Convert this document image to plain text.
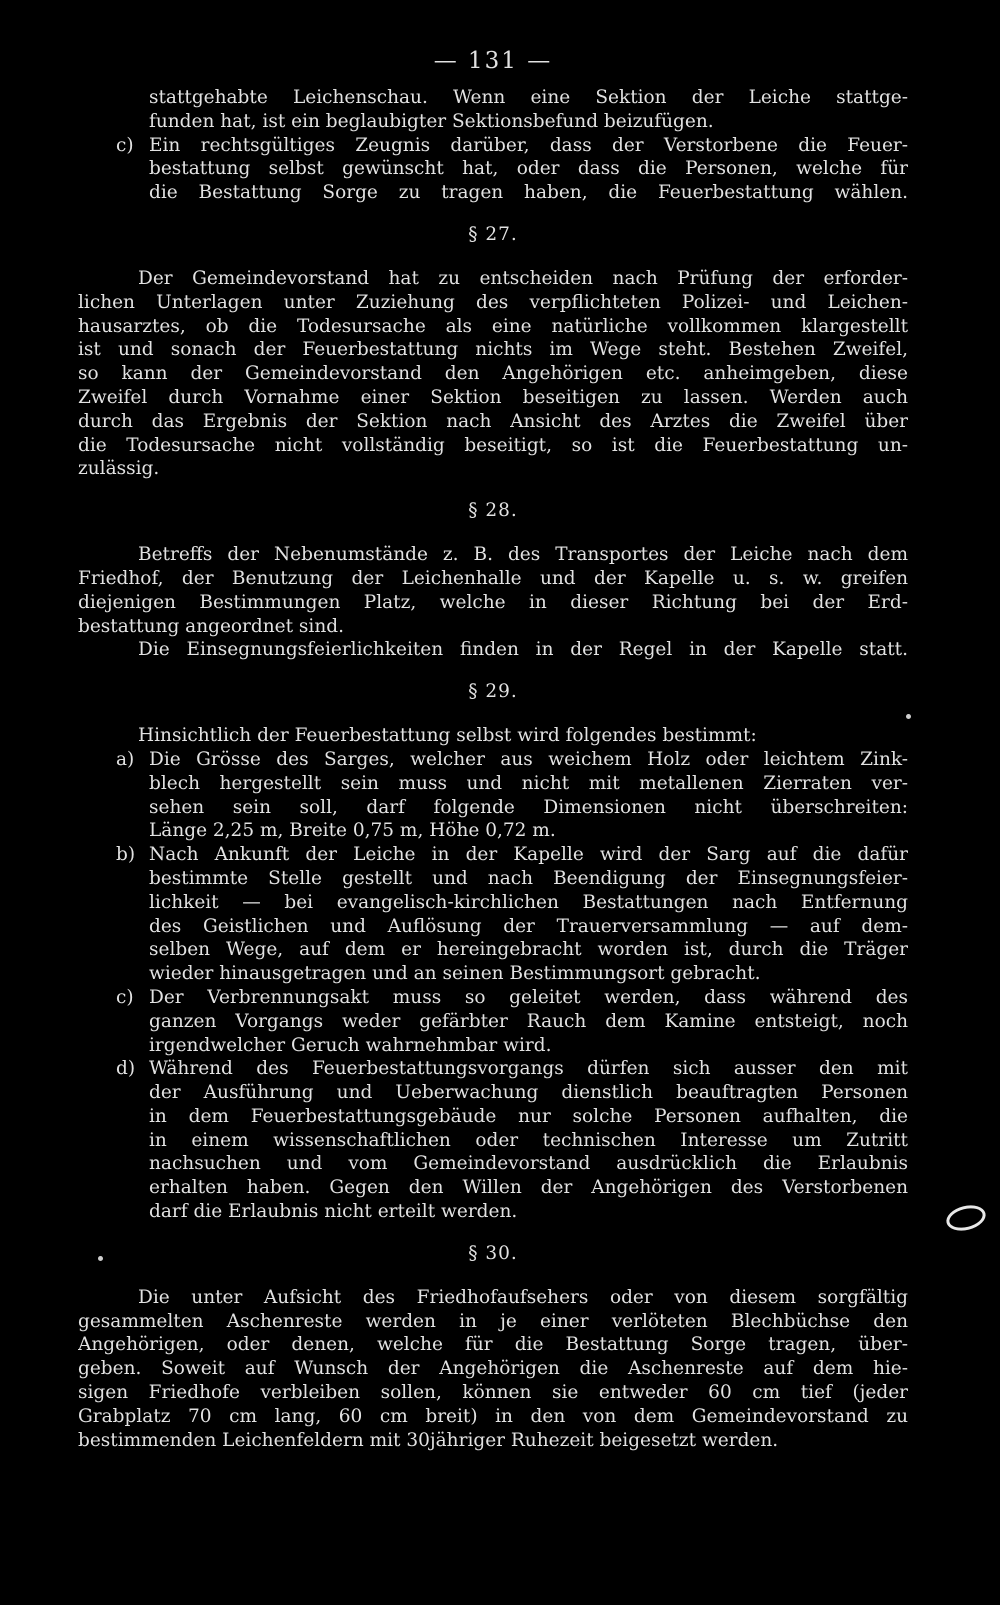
— 131 —
stattgehabte Leichenschau. Wenn eine Sektion der Leiche stattge-
funden hat, ist ein beglaubigter Sektionsbefund beizufügen.
c) Ein rechtsgültiges Zeugnis darüber, dass der Verstorbene die Feuer-
bestattung selbst gewünscht hat, oder dass die Personen, welche für
die Bestattung Sorge zu tragen haben, die Feuerbestattung wählen.
§ 27.
Der Gemeindevorstand hat zu entscheiden nach Prüfung der erforder-
lichen Unterlagen unter Zuziehung des verpflichteten Polizei- und Leichen-
hausarztes, ob die Todesursache als eine natürliche vollkommen klargestellt
ist und sonach der Feuerbestattung nichts im Wege steht. Bestehen Zweifel,
so kann der Gemeindevorstand den Angehörigen etc. anheimgeben, diese
Zweifel durch Vornahme einer Sektion beseitigen zu lassen. Werden auch
durch das Ergebnis der Sektion nach Ansicht des Arztes die Zweifel über
die Todesursache nicht vollständig beseitigt, so ist die Feuerbestattung un-
zulässig.
§ 28.
Betreffs der Nebenumstände z. B. des Transportes der Leiche nach dem
Friedhof, der Benutzung der Leichenhalle und der Kapelle u. s. w. greifen
diejenigen Bestimmungen Platz, welche in dieser Richtung bei der Erd-
bestattung angeordnet sind.
Die Einsegnungsfeierlichkeiten finden in der Regel in der Kapelle statt.
§ 29.
Hinsichtlich der Feuerbestattung selbst wird folgendes bestimmt:
a) Die Grösse des Sarges, welcher aus weichem Holz oder leichtem Zink-
blech hergestellt sein muss und nicht mit metallenen Zierraten ver-
sehen sein soll, darf folgende Dimensionen nicht überschreiten:
Länge 2,25 m, Breite 0,75 m, Höhe 0,72 m.
b) Nach Ankunft der Leiche in der Kapelle wird der Sarg auf die dafür
bestimmte Stelle gestellt und nach Beendigung der Einsegnungsfeier-
lichkeit — bei evangelisch-kirchlichen Bestattungen nach Entfernung
des Geistlichen und Auflösung der Trauerversammlung — auf dem-
selben Wege, auf dem er hereingebracht worden ist, durch die Träger
wieder hinausgetragen und an seinen Bestimmungsort gebracht.
c) Der Verbrennungsakt muss so geleitet werden, dass während des
ganzen Vorgangs weder gefärbter Rauch dem Kamine entsteigt, noch
irgendwelcher Geruch wahrnehmbar wird.
d) Während des Feuerbestattungsvorgangs dürfen sich ausser den mit
der Ausführung und Ueberwachung dienstlich beauftragten Personen
in dem Feuerbestattungsgebäude nur solche Personen aufhalten, die
in einem wissenschaftlichen oder technischen Interesse um Zutritt
nachsuchen und vom Gemeindevorstand ausdrücklich die Erlaubnis
erhalten haben. Gegen den Willen der Angehörigen des Verstorbenen
darf die Erlaubnis nicht erteilt werden.
§ 30.
Die unter Aufsicht des Friedhofaufsehers oder von diesem sorgfältig
gesammelten Aschenreste werden in je einer verlöteten Blechbüchse den
Angehörigen, oder denen, welche für die Bestattung Sorge tragen, über-
geben. Soweit auf Wunsch der Angehörigen die Aschenreste auf dem hie-
sigen Friedhofe verbleiben sollen, können sie entweder 60 cm tief (jeder
Grabplatz 70 cm lang, 60 cm breit) in den von dem Gemeindevorstand zu
bestimmenden Leichenfeldern mit 30jähriger Ruhezeit beigesetzt werden.
